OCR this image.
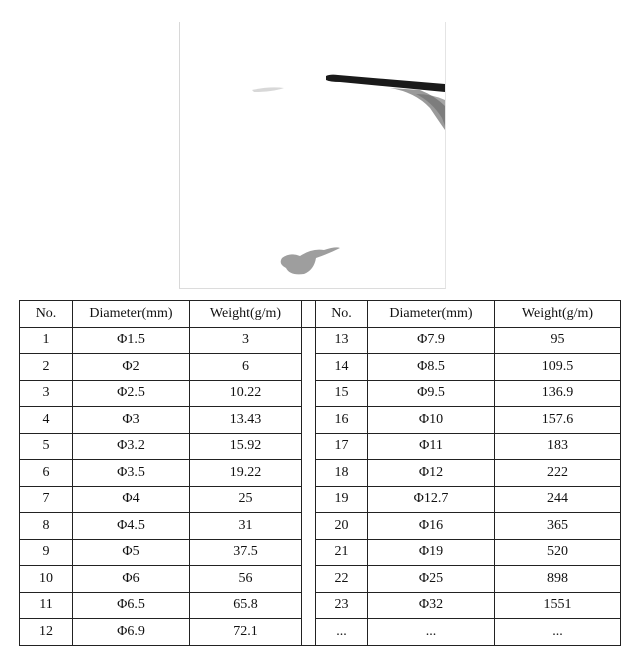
No.	Diameter(mm)	Weight(g/m)		No.	Diameter(mm)	Weight(g/m)
1	Φ1.5	3		13	Φ7.9	95
2	Φ2	6		14	Φ8.5	109.5
3	Φ2.5	10.22		15	Φ9.5	136.9
4	Φ3	13.43		16	Φ10	157.6
5	Φ3.2	15.92		17	Φ11	183
6	Φ3.5	19.22		18	Φ12	222
7	Φ4	25		19	Φ12.7	244
8	Φ4.5	31		20	Φ16	365
9	Φ5	37.5		21	Φ19	520
10	Φ6	56		22	Φ25	898
11	Φ6.5	65.8		23	Φ32	1551
12	Φ6.9	72.1		...	...	...
